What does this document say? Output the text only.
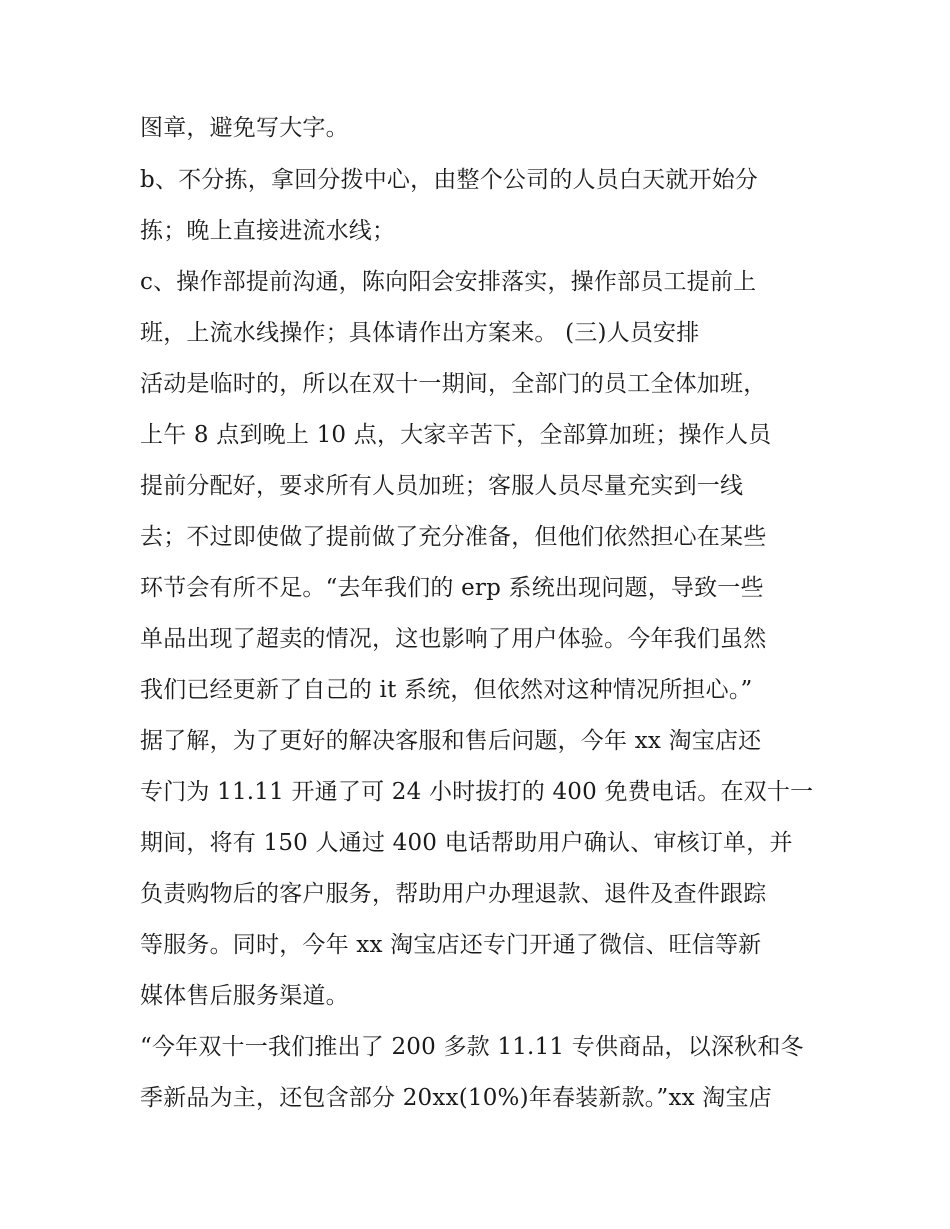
图章，避免写大字。
b、不分拣，拿回分拨中心，由整个公司的人员白天就开始分
拣；晚上直接进流水线；
c、操作部提前沟通，陈向阳会安排落实，操作部员工提前上
班，上流水线操作；具体请作出方案来。 (三)人员安排
活动是临时的，所以在双十一期间，全部门的员工全体加班，
上午 8 点到晚上 10 点，大家辛苦下，全部算加班；操作人员
提前分配好，要求所有人员加班；客服人员尽量充实到一线
去；不过即使做了提前做了充分准备，但他们依然担心在某些
环节会有所不足。“去年我们的 erp 系统出现问题，导致一些
单品出现了超卖的情况，这也影响了用户体验。今年我们虽然
我们已经更新了自己的 it 系统，但依然对这种情况所担心。”
据了解，为了更好的解决客服和售后问题，今年 xx 淘宝店还
专门为 11.11 开通了可 24 小时拔打的 400 免费电话。在双十一
期间，将有 150 人通过 400 电话帮助用户确认、审核订单，并
负责购物后的客户服务，帮助用户办理退款、退件及查件跟踪
等服务。同时，今年 xx 淘宝店还专门开通了微信、旺信等新
媒体售后服务渠道。
“今年双十一我们推出了 200 多款 11.11 专供商品，以深秋和冬
季新品为主，还包含部分 20xx(10%)年春装新款。”xx 淘宝店
